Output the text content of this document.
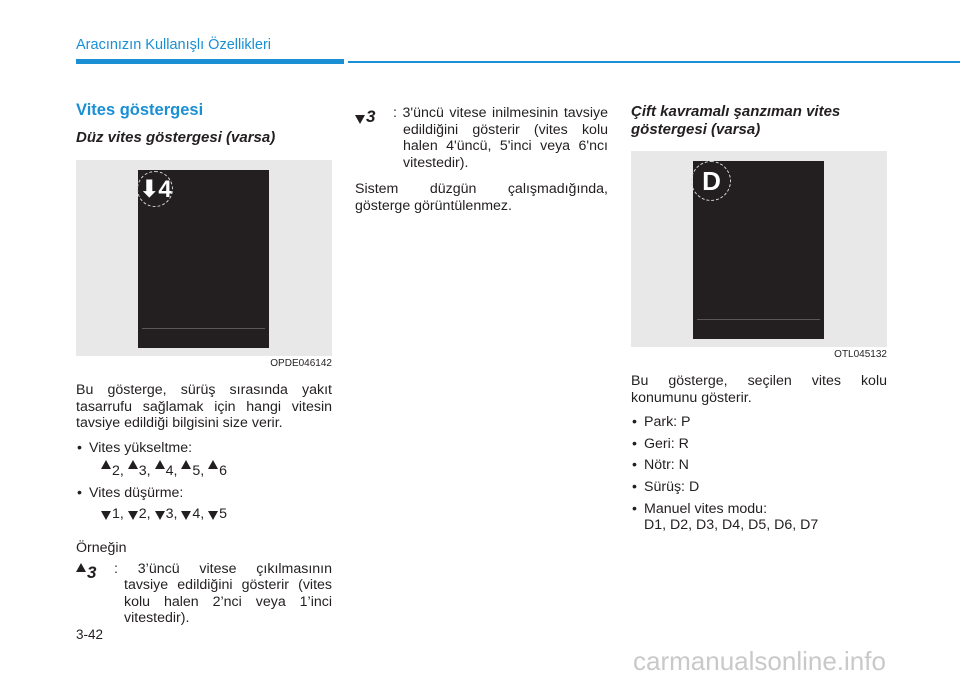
Aracınızın Kullanışlı Özellikleri
Vites göstergesi
Düz vites göstergesi (varsa)
⬇4
OPDE046142

Bu gösterge, sürüş sırasında yakıt tasarrufu sağlamak için hangi vitesin tavsiye edildiği bilgisini size verir.

• Vites yükseltme:
2, 3, 4, 5, 6
• Vites düşürme:
1, 2, 3, 4, 5

Örneğin

3 : 3’üncü vitese çıkılmasının tavsiye edildiğini gösterir (vites kolu halen 2’nci veya 1’inci vitestedir).

3 : 3'üncü vitese inilmesinin tavsiye edildiğini gösterir (vites kolu halen 4'üncü, 5'inci veya 6'ncı vitestedir).

Sistem düzgün çalışmadığında, gösterge görüntülenmez.

Çift kavramalı şanzıman vites göstergesi (varsa)
D
OTL045132

Bu gösterge, seçilen vites kolu konumunu gösterir.

• Park: P
• Geri: R
• Nötr: N
• Sürüş: D
• Manuel vites modu:
D1, D2, D3, D4, D5, D6, D7
3-42
carmanualsonline.info
